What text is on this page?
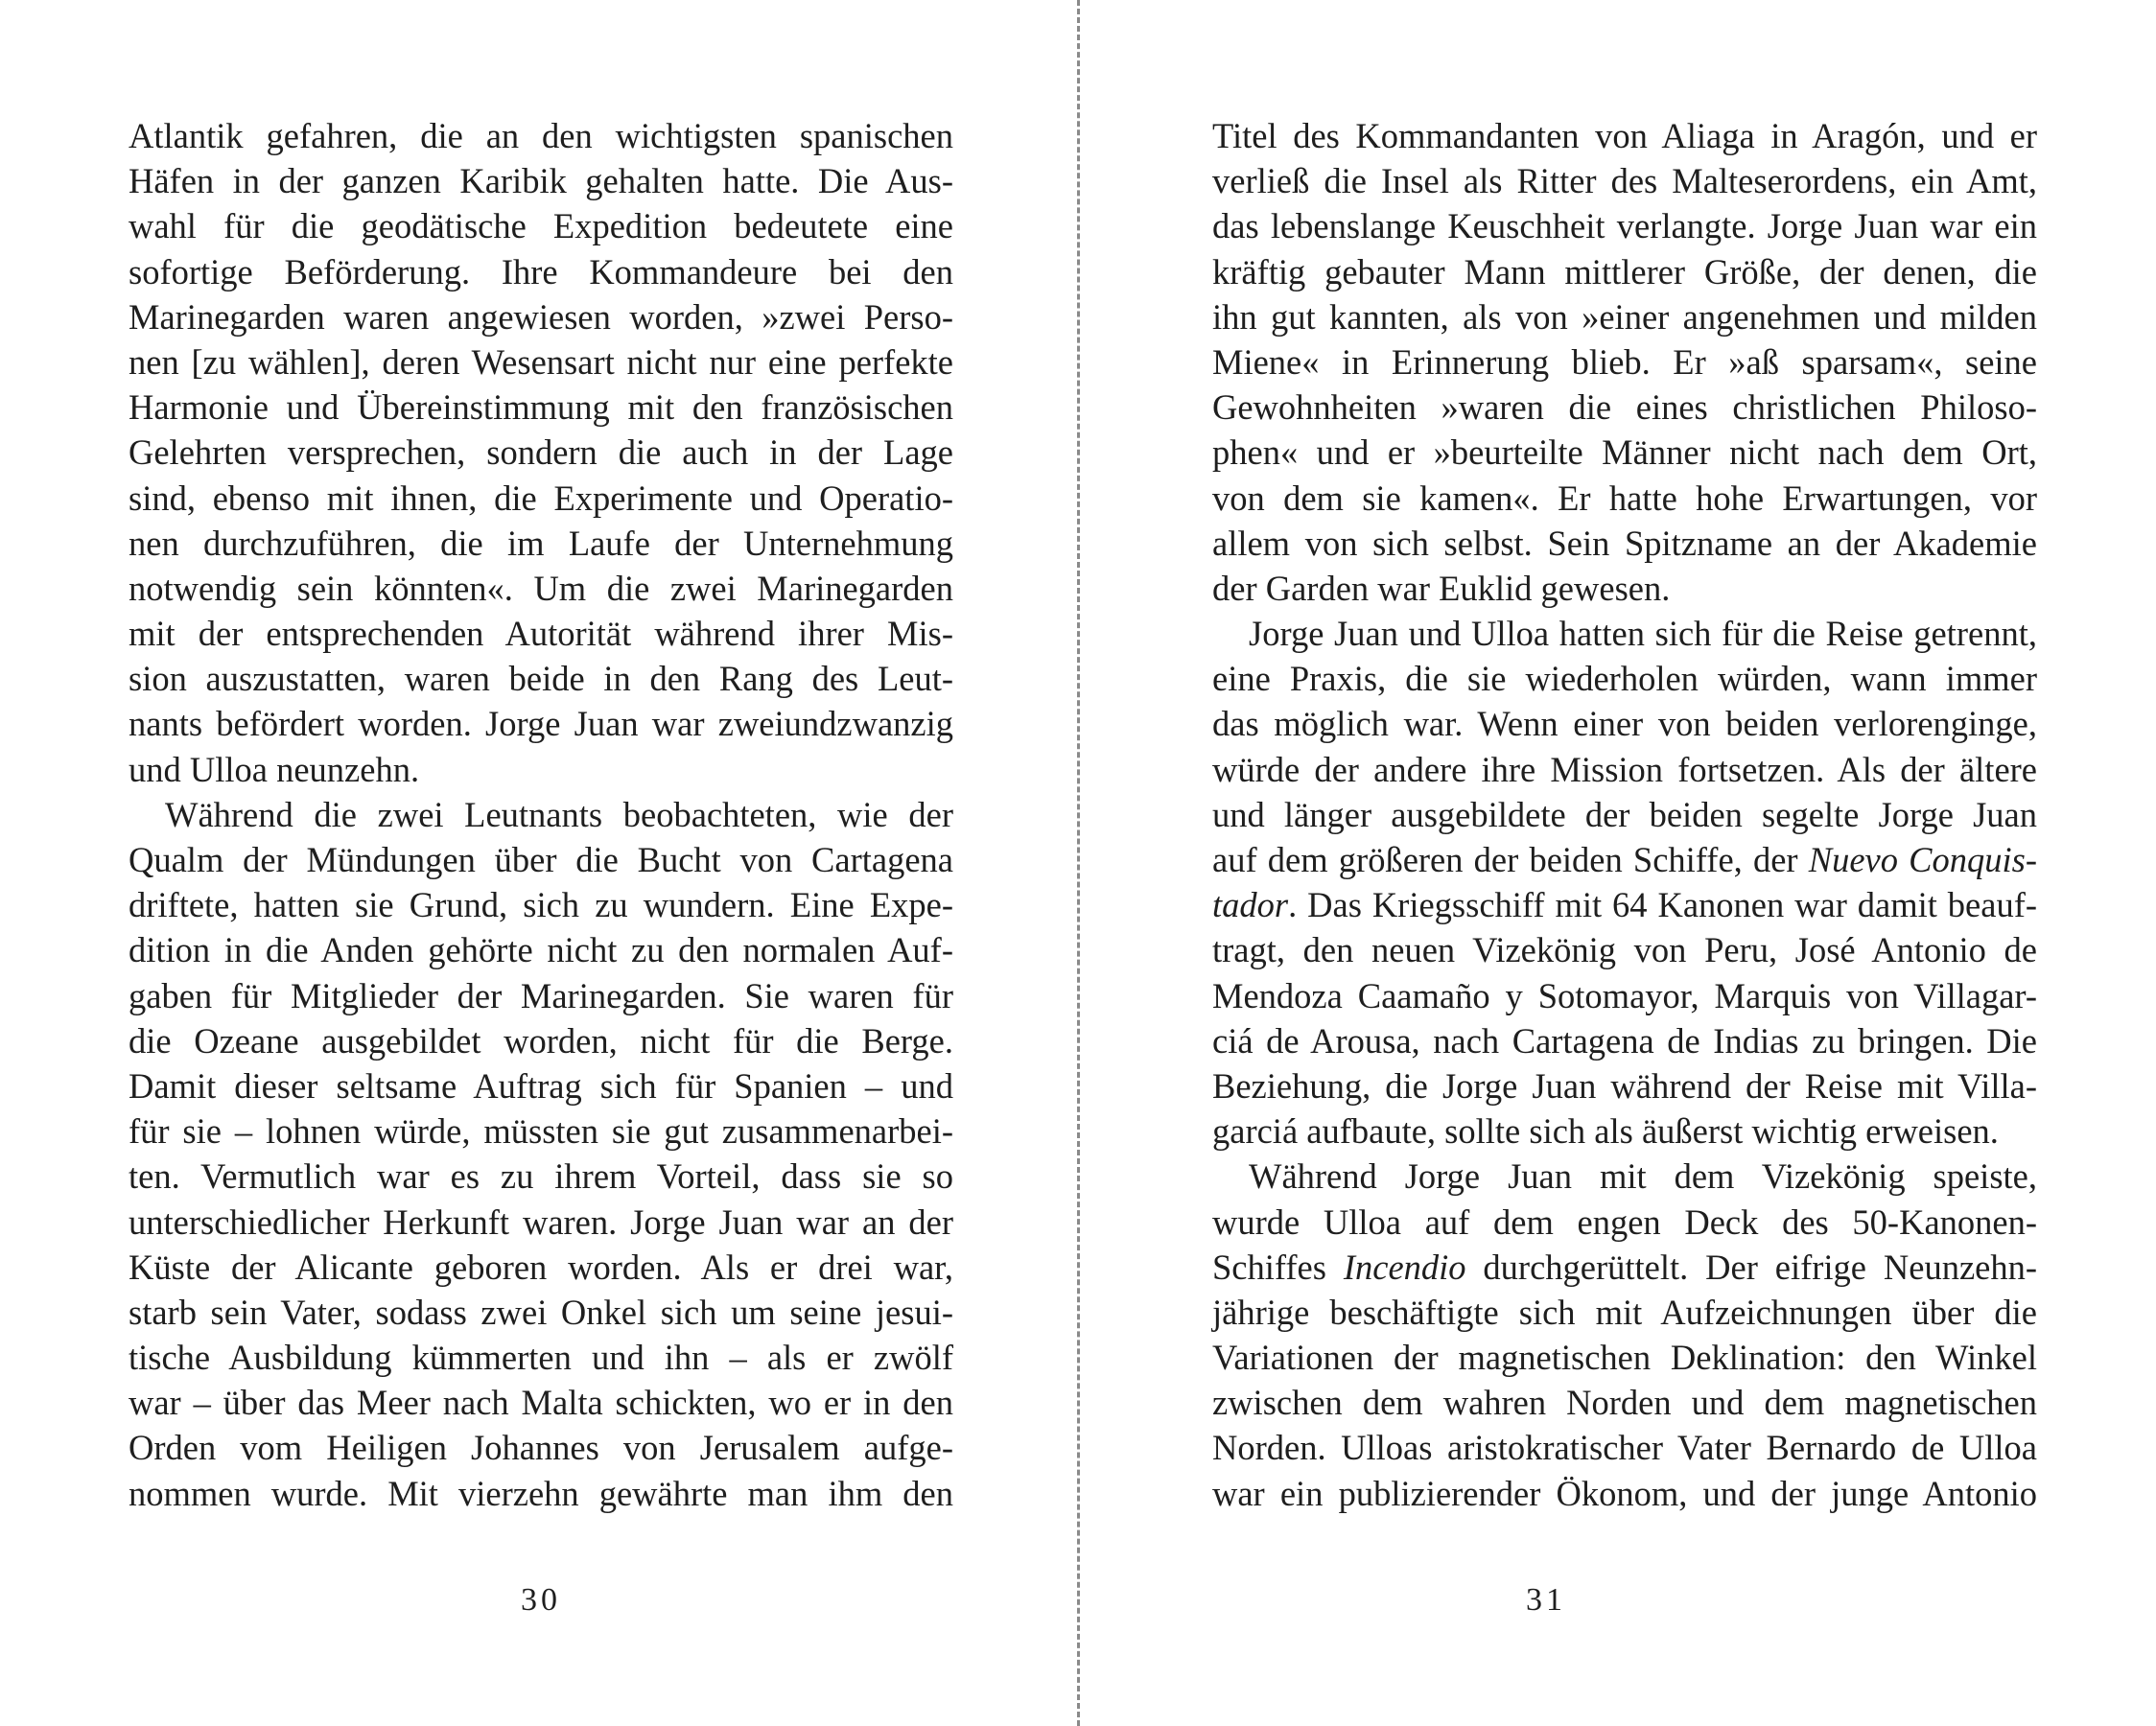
Atlantik gefahren, die an den wichtigsten spanischen
Häfen in der ganzen Karibik gehalten hatte. Die Aus-
wahl für die geodätische Expedition bedeutete eine
sofortige Beförderung. Ihre Kommandeure bei den
Marinegarden waren angewiesen worden, »zwei Perso-
nen [zu wählen], deren Wesensart nicht nur eine perfekte
Harmonie und Übereinstimmung mit den französischen
Gelehrten versprechen, sondern die auch in der Lage
sind, ebenso mit ihnen, die Experimente und Operatio-
nen durchzuführen, die im Laufe der Unternehmung
notwendig sein könnten«. Um die zwei Marinegarden
mit der entsprechenden Autorität während ihrer Mis-
sion auszustatten, waren beide in den Rang des Leut-
nants befördert worden. Jorge Juan war zweiundzwanzig
und Ulloa neunzehn.
Während die zwei Leutnants beobachteten, wie der
Qualm der Mündungen über die Bucht von Cartagena
driftete, hatten sie Grund, sich zu wundern. Eine Expe-
dition in die Anden gehörte nicht zu den normalen Auf-
gaben für Mitglieder der Marinegarden. Sie waren für
die Ozeane ausgebildet worden, nicht für die Berge.
Damit dieser seltsame Auftrag sich für Spanien – und
für sie – lohnen würde, müssten sie gut zusammenarbei-
ten. Vermutlich war es zu ihrem Vorteil, dass sie so
unterschiedlicher Herkunft waren. Jorge Juan war an der
Küste der Alicante geboren worden. Als er drei war,
starb sein Vater, sodass zwei Onkel sich um seine jesui-
tische Ausbildung kümmerten und ihn – als er zwölf
war – über das Meer nach Malta schickten, wo er in den
Orden vom Heiligen Johannes von Jerusalem aufge-
nommen wurde. Mit vierzehn gewährte man ihm den
30
Titel des Kommandanten von Aliaga in Aragón, und er
verließ die Insel als Ritter des Malteserordens, ein Amt,
das lebenslange Keuschheit verlangte. Jorge Juan war ein
kräftig gebauter Mann mittlerer Größe, der denen, die
ihn gut kannten, als von »einer angenehmen und milden
Miene« in Erinnerung blieb. Er »aß sparsam«, seine
Gewohnheiten »waren die eines christlichen Philoso-
phen« und er »beurteilte Männer nicht nach dem Ort,
von dem sie kamen«. Er hatte hohe Erwartungen, vor
allem von sich selbst. Sein Spitzname an der Akademie
der Garden war Euklid gewesen.
Jorge Juan und Ulloa hatten sich für die Reise getrennt,
eine Praxis, die sie wiederholen würden, wann immer
das möglich war. Wenn einer von beiden verlorenginge,
würde der andere ihre Mission fortsetzen. Als der ältere
und länger ausgebildete der beiden segelte Jorge Juan
auf dem größeren der beiden Schiffe, der Nuevo Conquis-
tador. Das Kriegsschiff mit 64 Kanonen war damit beauf-
tragt, den neuen Vizekönig von Peru, José Antonio de
Mendoza Caamaño y Sotomayor, Marquis von Villagar-
ciá de Arousa, nach Cartagena de Indias zu bringen. Die
Beziehung, die Jorge Juan während der Reise mit Villa-
garciá aufbaute, sollte sich als äußerst wichtig erweisen.
Während Jorge Juan mit dem Vizekönig speiste,
wurde Ulloa auf dem engen Deck des 50-Kanonen-
Schiffes Incendio durchgerüttelt. Der eifrige Neunzehn-
jährige beschäftigte sich mit Aufzeichnungen über die
Variationen der magnetischen Deklination: den Winkel
zwischen dem wahren Norden und dem magnetischen
Norden. Ulloas aristokratischer Vater Bernardo de Ulloa
war ein publizierender Ökonom, und der junge Antonio
31
